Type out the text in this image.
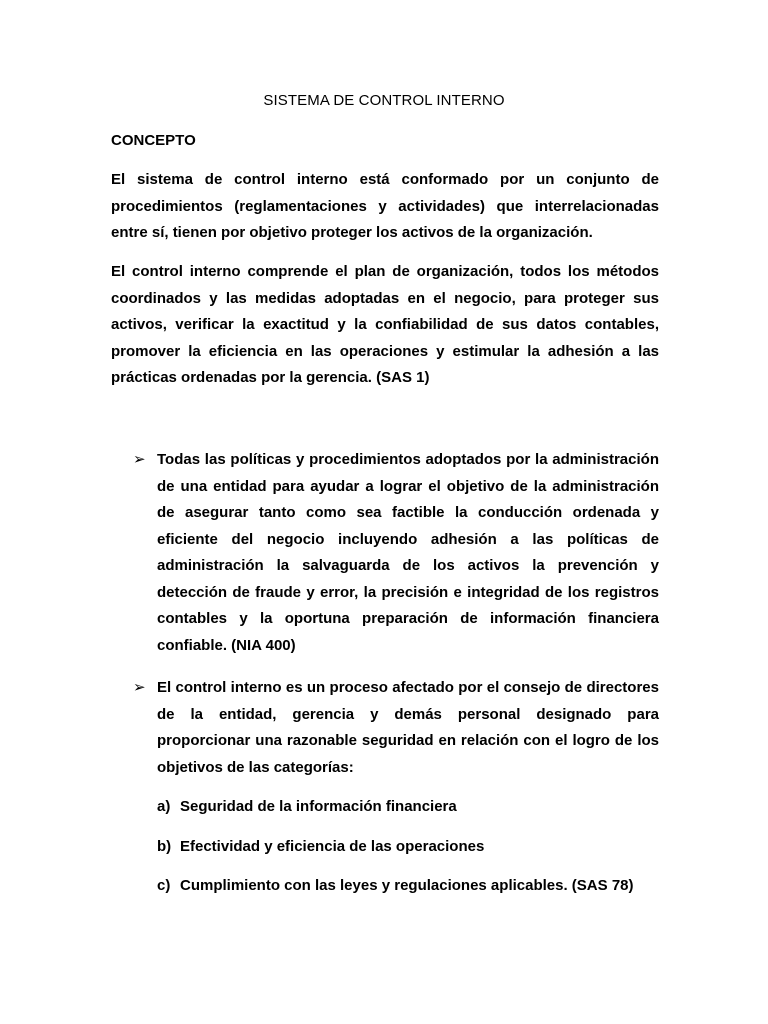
SISTEMA DE CONTROL INTERNO
CONCEPTO

El sistema de control interno está conformado por un conjunto de procedimientos (reglamentaciones y actividades) que interrelacionadas entre sí, tienen por objetivo proteger los activos de la organización.

El control interno comprende el plan de organización, todos los métodos coordinados y las medidas adoptadas en el negocio, para proteger sus activos, verificar la exactitud y la confiabilidad de sus datos contables, promover la eficiencia en las operaciones y estimular la adhesión a las prácticas ordenadas por la gerencia. (SAS 1)

➢ Todas las políticas y procedimientos adoptados por la administración de una entidad para ayudar a lograr el objetivo de la administración de asegurar tanto como sea factible la conducción ordenada y eficiente del negocio incluyendo adhesión a las políticas de administración la salvaguarda de los activos la prevención y detección de fraude y error, la precisión e integridad de los registros contables y la oportuna preparación de información financiera confiable. (NIA 400)
➢ El control interno es un proceso afectado por el consejo de directores de la entidad, gerencia y demás personal designado para proporcionar una razonable seguridad en relación con el logro de los objetivos de las categorías:

a) Seguridad de la información financiera

b) Efectividad y eficiencia de las operaciones

c) Cumplimiento con las leyes y regulaciones aplicables. (SAS 78)
